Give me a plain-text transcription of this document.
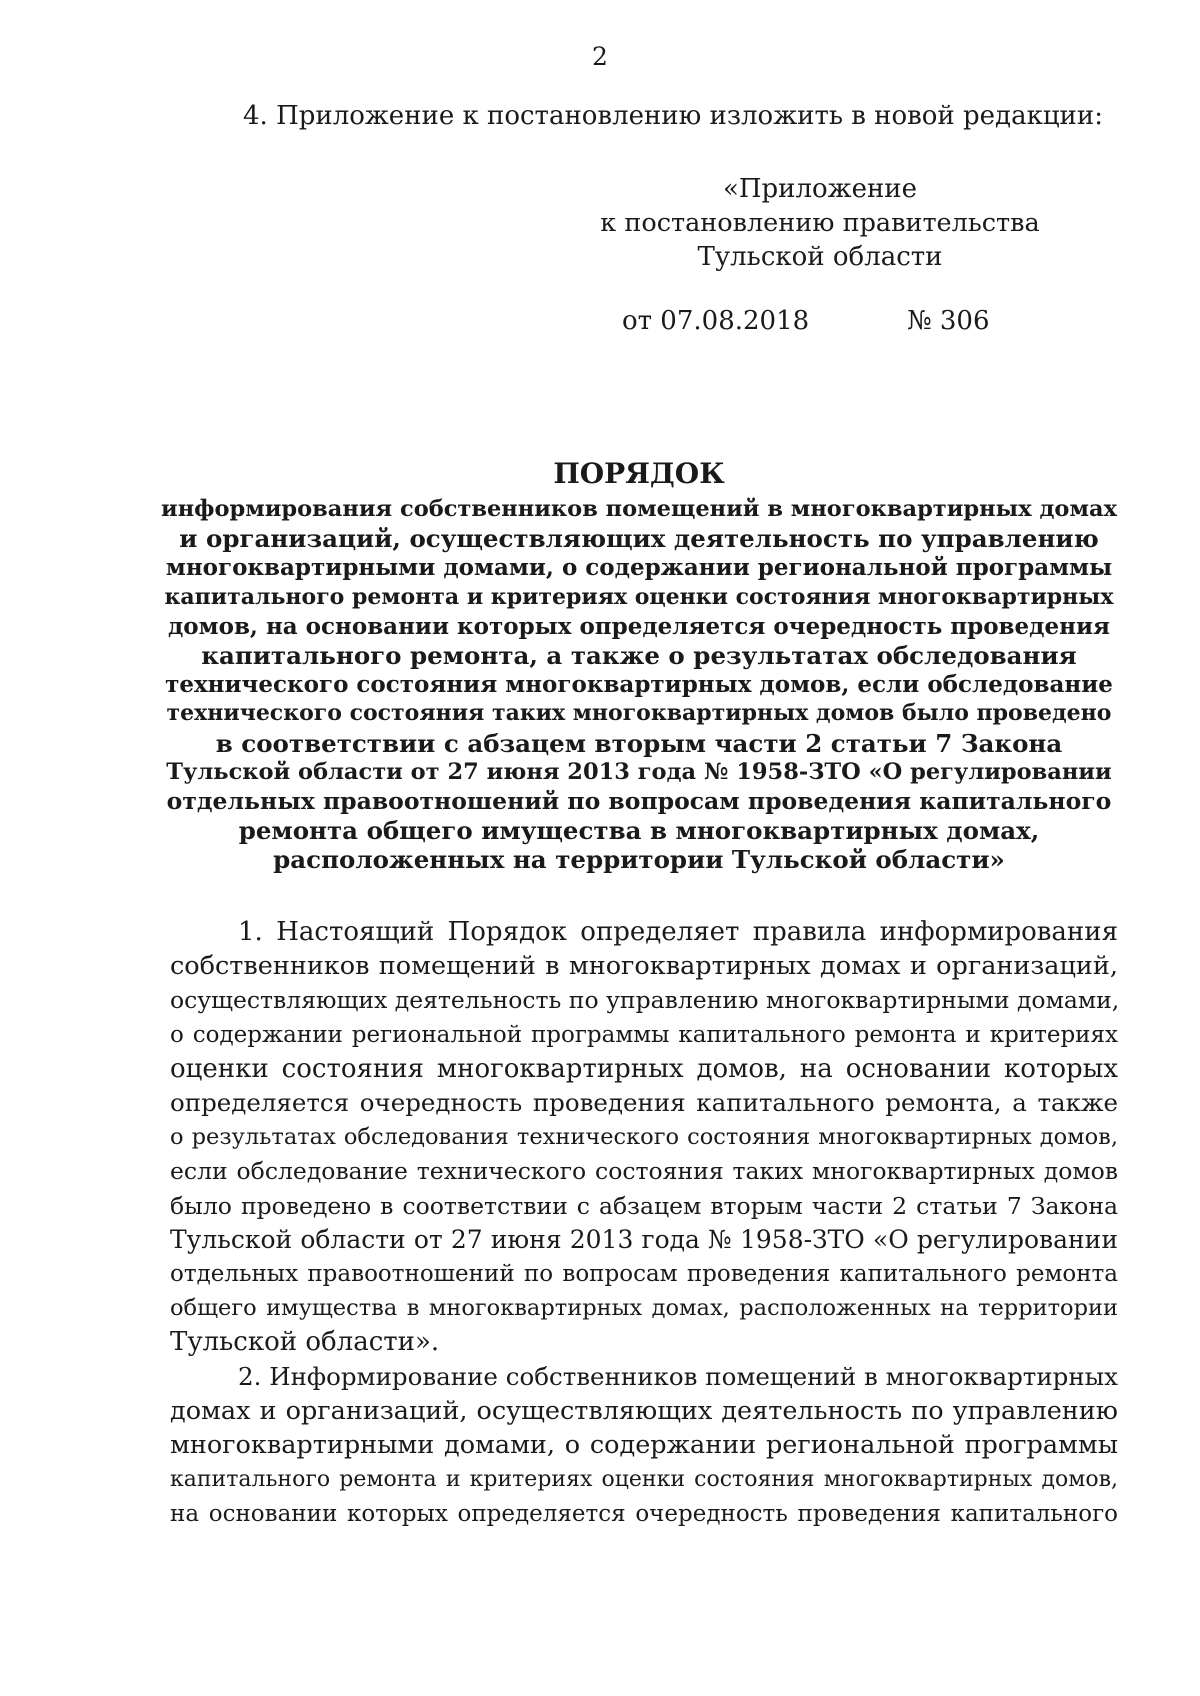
2
4. Приложение к постановлению изложить в новой редакции:
«Приложение
к постановлению правительства
Тульской области
от 07.08.2018	№ 306
ПОРЯДОК
информирования собственников помещений в многоквартирных домах
и организаций, осуществляющих деятельность по управлению
многоквартирными домами, о содержании региональной программы
капитального ремонта и критериях оценки состояния многоквартирных
домов, на основании которых определяется очередность проведения
капитального ремонта, а также о результатах обследования
технического состояния многоквартирных домов, если обследование
технического состояния таких многоквартирных домов было проведено
в соответствии с абзацем вторым части 2 статьи 7 Закона
Тульской области от 27 июня 2013 года № 1958-ЗТО «О регулировании
отдельных правоотношений по вопросам проведения капитального
ремонта общего имущества в многоквартирных домах,
расположенных на территории Тульской области»
1. Настоящий Порядок определяет правила информирования
собственников помещений в многоквартирных домах и организаций,
осуществляющих деятельность по управлению многоквартирными домами,
о содержании региональной программы капитального ремонта и критериях
оценки состояния многоквартирных домов, на основании которых
определяется очередность проведения капитального ремонта, а также
о результатах обследования технического состояния многоквартирных домов,
если обследование технического состояния таких многоквартирных домов
было проведено в соответствии с абзацем вторым части 2 статьи 7 Закона
Тульской области от 27 июня 2013 года № 1958-ЗТО «О регулировании
отдельных правоотношений по вопросам проведения капитального ремонта
общего имущества в многоквартирных домах, расположенных на территории
Тульской области».
2. Информирование собственников помещений в многоквартирных
домах и организаций, осуществляющих деятельность по управлению
многоквартирными домами, о содержании региональной программы
капитального ремонта и критериях оценки состояния многоквартирных домов,
на основании которых определяется очередность проведения капитального
